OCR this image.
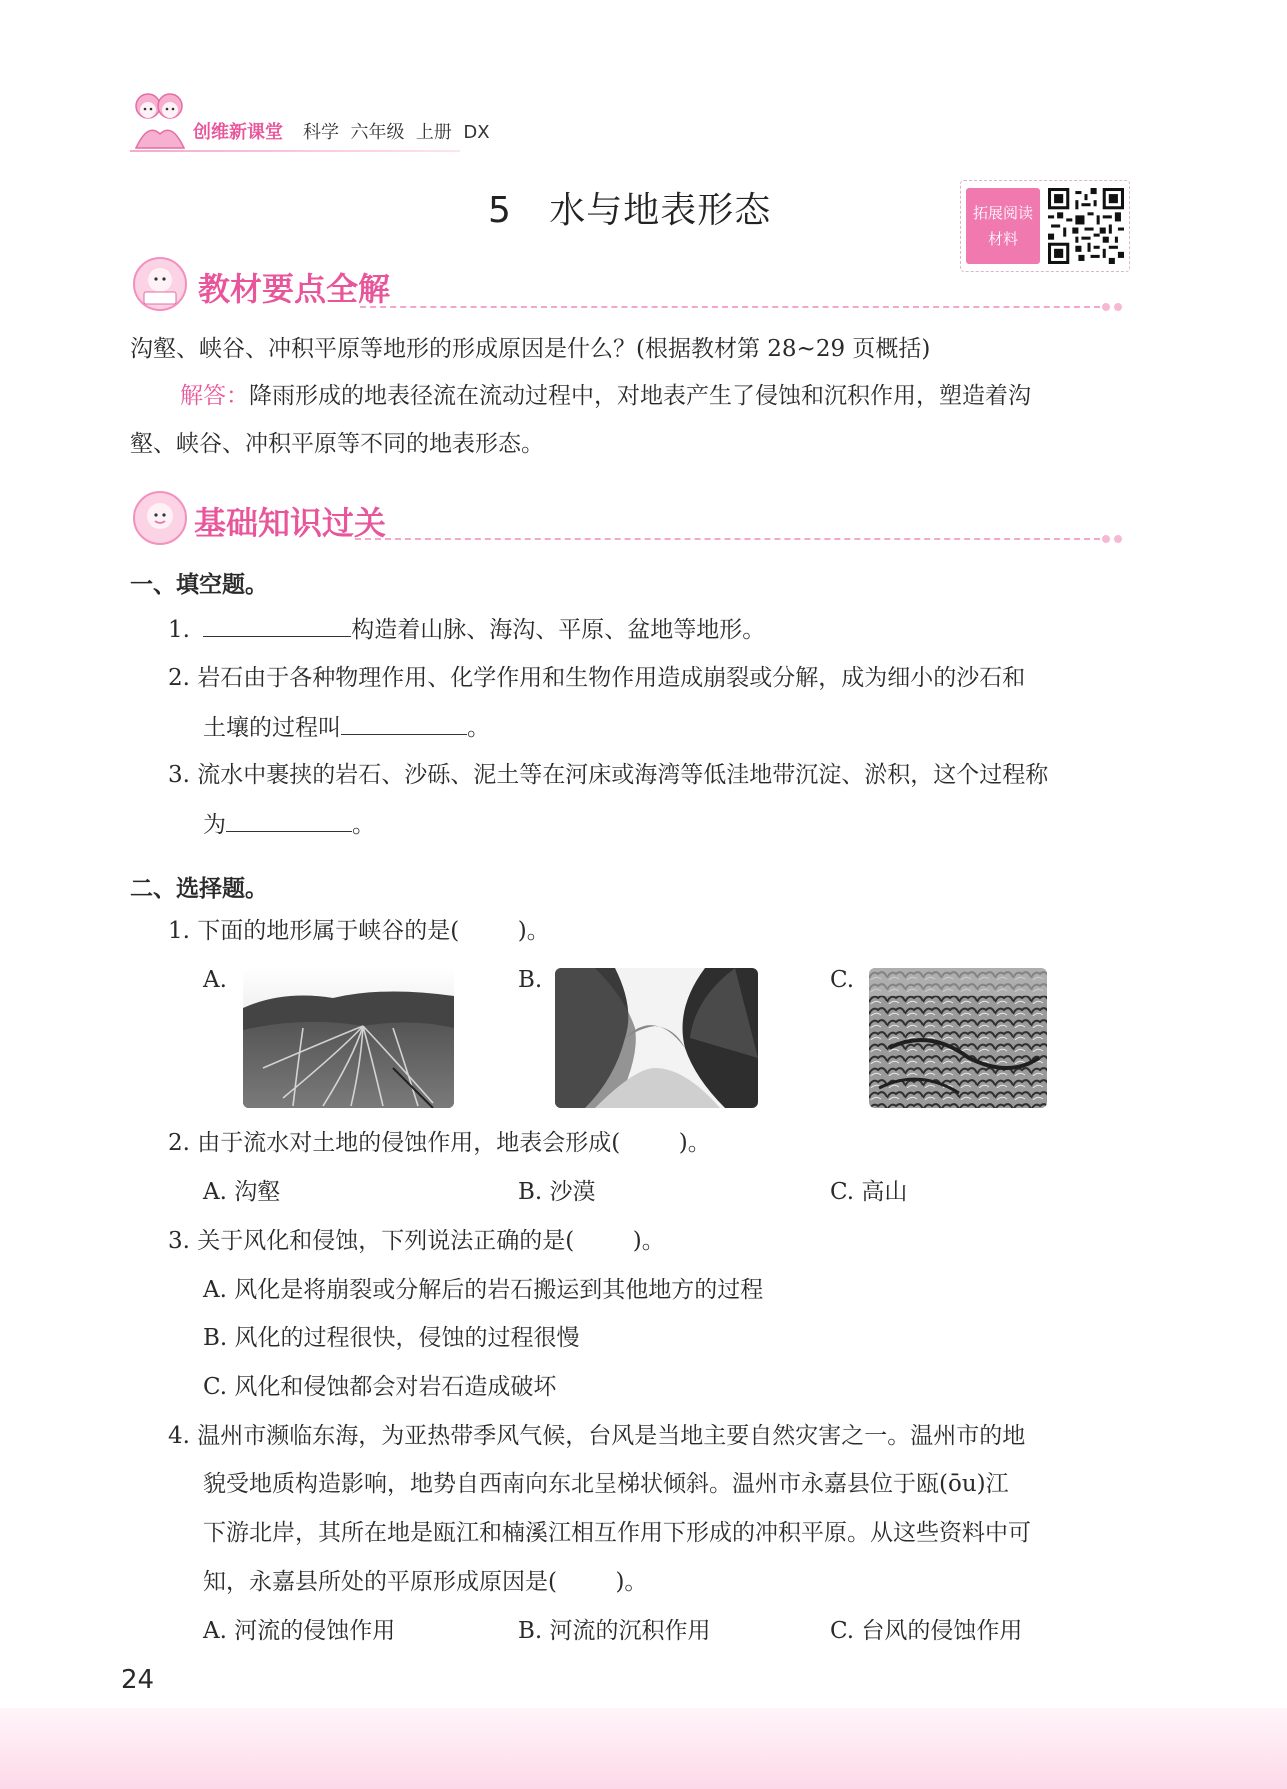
创维新课堂 科学  六年级  上册  DX
5   水与地表形态	拓展阅读
材料
教材要点全解
沟壑、峡谷、冲积平原等地形的形成原因是什么？(根据教材第 28~29 页概括)
解答：降雨形成的地表径流在流动过程中，对地表产生了侵蚀和沉积作用，塑造着沟
壑、峡谷、冲积平原等不同的地表形态。
基础知识过关
一、填空题。
1.	构造着山脉、海沟、平原、盆地等地形。
2. 岩石由于各种物理作用、化学作用和生物作用造成崩裂或分解，成为细小的沙石和
土壤的过程叫	。
3. 流水中裹挟的岩石、沙砾、泥土等在河床或海湾等低洼地带沉淀、淤积，这个过程称
为	。
二、选择题。
1. 下面的地形属于峡谷的是(        )。
A.	B.	C.
2. 由于流水对土地的侵蚀作用，地表会形成(        )。
A. 沟壑	B. 沙漠	C. 高山
3. 关于风化和侵蚀，下列说法正确的是(        )。
A. 风化是将崩裂或分解后的岩石搬运到其他地方的过程
B. 风化的过程很快，侵蚀的过程很慢
C. 风化和侵蚀都会对岩石造成破坏
4. 温州市濒临东海，为亚热带季风气候，台风是当地主要自然灾害之一。温州市的地
貌受地质构造影响，地势自西南向东北呈梯状倾斜。温州市永嘉县位于瓯(ōu)江
下游北岸，其所在地是瓯江和楠溪江相互作用下形成的冲积平原。从这些资料中可
知，永嘉县所处的平原形成原因是(        )。
A. 河流的侵蚀作用	B. 河流的沉积作用	C. 台风的侵蚀作用
24
